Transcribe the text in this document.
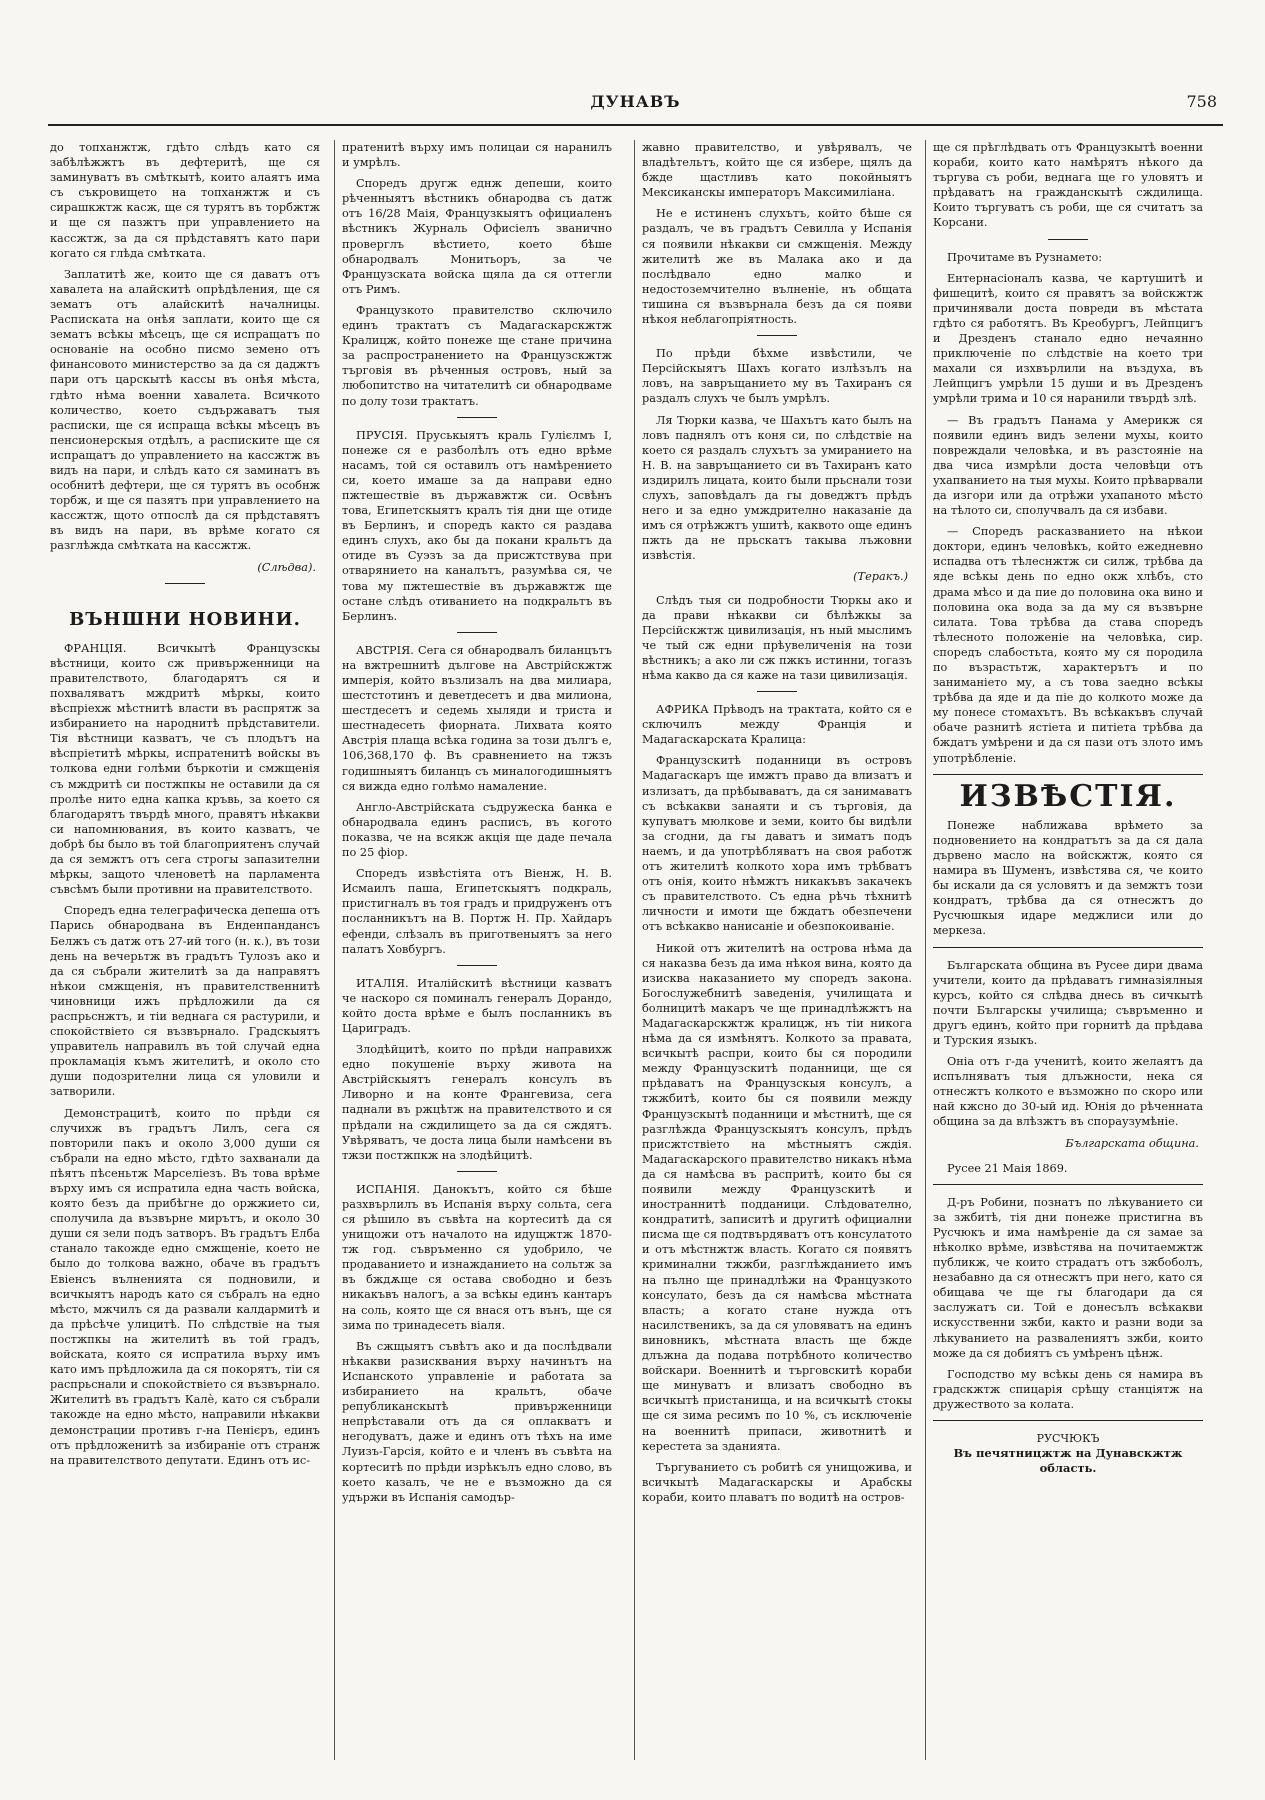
ДУНАВЪ	758

до топханжтж, гдѣто слѣдъ като ся забѣлѣжжтъ въ дефтеритѣ, ще ся заминуватъ въ смѣткытѣ, които алаятъ има съ съкровището на топханжтж и съ сирашкжтж касж, ще ся турятъ въ торбжтж и ще ся пазжтъ при управлението на кассжтж, за да ся прѣдставятъ като пари когато ся глѣда смѣтката.

Заплатитѣ же, които ще ся даватъ отъ хавалета на алайскитѣ опрѣдѣления, ще ся зематъ отъ алайскитѣ началницы. Расписката на онѣя заплати, които ще ся зематъ всѣкы мѣсецъ, ще ся испращатъ по основаніе на особно писмо земено отъ финансовото министерство за да ся даджтъ пари отъ царскытѣ кассы въ онѣя мѣста, гдѣто нѣма военни хавалета. Всичкото количество, което съдържаватъ тыя расписки, ще ся испраща всѣкы мѣсецъ въ пенсионерскыя отдѣлъ, а расписките ще ся испращатъ до управлението на кассжтж въ видъ на пари, и слѣдъ като ся заминатъ въ особнитѣ дефтери, ще ся турятъ въ особнж торбж, и ще ся пазятъ при управлението на кассжтж, щото отпослѣ да ся прѣдставятъ въ видъ на пари, въ врѣме когато ся разглѣжда смѣтката на кассжтж.

(Слѣдва).
ВЪНШНИ НОВИНИ.

ФРАНЦІЯ. Всичкытѣ Французскы вѣстници, които сж привърженници на правителството, благодарятъ ся и похваляватъ мждритѣ мѣркы, които вѣспріехж мѣстнитѣ власти въ распрятж за избиранието на народнитѣ прѣдставители. Тія вѣстници казватъ, че съ плодътъ на вѣспріетитѣ мѣркы, испратенитѣ войскы въ толкова едни голѣми бъркотіи и смжщенія съ мждритѣ си постжпкы не оставили да ся пролѣе нито една капка кръвь, за което ся благодарятъ твърдѣ много, правятъ нѣкакви си напомнювания, въ които казватъ, че добрѣ бы было въ той благоприятенъ случай да ся земжтъ отъ сега строгы запазителни мѣркы, защото членоветѣ на парламента съвсѣмъ были противни на правителството.

Споредъ една телеграфическа депеша отъ Парись обнародвана въ Енденпандансъ Белжъ съ датж отъ 27-ий того (н. к.), въ този день на вечерьтж въ градътъ Тулозъ ако и да ся събрали жителитѣ за да направятъ нѣкои смжщенія, нъ правителственнитѣ чиновници ижъ прѣдложили да ся распрьснжтъ, и тіи веднага ся растурили, и спокойствіето ся възвърнало. Градскыятъ управитель направилъ въ той случай една прокламація къмъ жителитѣ, и около сто души подозрителни лица ся уловили и затворили.

Демонстрацитѣ, които по прѣди ся случихж въ градътъ Лилъ, сега ся повторили пакъ и около 3,000 души ся събрали на едно мѣсто, гдѣто захванали да пѣятъ пѣсеньтж Марселіезъ. Въ това врѣме върху имъ ся испратила една часть войска, която безъ да прибѣгне до оржжието си, сполучила да възвърне мирътъ, и около 30 души ся зели подъ затворъ. Въ градътъ Елба станало такожде едно смжщеніе, което не было до толкова важно, обаче въ градътъ Евіенсъ вълненията ся подновили, и всичкыятъ народъ като ся събралъ на едно мѣсто, мжчилъ ся да развали калдармитѣ и да прѣсѣче улицитѣ. По слѣдствіе на тыя постжпкы на жителитѣ въ той градъ, войската, която ся испратила върху имъ като имъ прѣдложила да ся покорятъ, тіи ся распрьснали и спокойствіето ся възвърнало. Жителитѣ въ градътъ Калѐ, като ся събрали такожде на едно мѣсто, направили нѣкакви демонстрации противъ г-на Пенієръ, единъ отъ прѣдложенитѣ за избираніе отъ странж на правителството депутати. Единъ отъ ис-

пратенитѣ върху имъ полицаи ся наранилъ и умрѣлъ.

Споредъ другж еднж депеши, които рѣченныятъ вѣстникъ обнародва съ датж отъ 16/28 Маія, Французкыятъ официаленъ вѣстникъ Журналь Офисіелъ званично проверглъ вѣстието, което бѣше обнародвалъ Монитьоръ, за че Французската войска щяла да ся оттегли отъ Римъ.

Французкото правителство сключило единъ трактатъ съ Мадагаскарскжтж Кралицж, който понеже ще стане причина за распространението на Французскжтж търговія въ рѣченныя островъ, ный за любопитство на читателитѣ си обнародваме по долу този трактатъ.

ПРУСІЯ. Пруськыятъ краль Гулієлмъ I, понеже ся е разболѣлъ отъ едно врѣме насамъ, той ся оставилъ отъ намѣрението си, което имаше за да направи едно пжтешествіе въ държавжтж си. Освѣнъ това, Египетскыятъ кралъ тія дни ще отиде въ Берлинъ, и споредъ както ся раздава единъ слухъ, ако бы да покани кральтъ да отиде въ Суэзъ за да присжтствува при отварянието на каналътъ, разумѣва ся, че това му пжтешествіе въ държавжтж ще остане слѣдъ отиванието на подкральтъ въ Берлинъ.

АВСТРІЯ. Сега ся обнародвалъ биланцътъ на вжтрешнитѣ дългове на Австрійскжтж имперія, който възлизалъ на два милиара, шестстотинъ и деветдесетъ и два милиона, шестдесетъ и седемь хыляди и триста и шестнадесеть фиорната. Лихвата която Австрія плаща всѣка година за този дългъ е, 106,368,170 ф. Въ сравнението на тжзъ годишныятъ биланцъ съ миналогодишныятъ ся вижда едно голѣмо намаление.

Англо-Австрійската съдружеска банка е обнародвала единъ расписъ, въ когото показва, че на всякж акція ще даде печала по 25 фіор.

Споредъ извѣстіята отъ Віенж, Н. В. Исмаилъ паша, Египетскыятъ подкраль, пристигналъ въ тоя градъ и придруженъ отъ посланникътъ на В. Портж Н. Пр. Хайдаръ ефенди, слѣзалъ въ приготвеныятъ за него палатъ Ховбургъ.

ИТАЛІЯ. Италійскитѣ вѣстници казватъ че наскоро ся поминалъ генералъ Дорандо, който доста врѣме е былъ посланникъ въ Цариградъ.

Злодѣйцитѣ, които по прѣди направихж едно покушеніе върху живота на Австрійскыятъ генералъ консулъ въ Ливорно и на конте Франгевиза, сега паднали въ ржцѣтж на правителството и ся прѣдали на сждилището за да ся сждятъ. Увѣряватъ, че доста лица были намѣсени въ тжзи постжпкж на злодѣйцитѣ.

ИСПАНІЯ. Данокътъ, който ся бѣше разхвърлилъ въ Испанія върху сольта, сега ся рѣшило въ съвѣта на кортеситѣ да ся унищожи отъ началото на идущжтж 1870-тж год. съвръменно ся удобрило, че продаванието и изнажданието на сольтж за въ бждѫще ся остава свободно и безъ никакъвъ налогъ, а за всѣкы единъ кантаръ на соль, която ще ся внася отъ вънъ, ще ся зима по тринадесеть віаля.

Въ сжщыятъ съвѣтъ ако и да послѣдвали нѣкакви разисквания върху начинътъ на Испанското управленіе и работата за избиранието на кральтъ, обаче републиканскытѣ привърженници непрѣставали отъ да ся оплакватъ и негодуватъ, даже и единъ отъ тѣхъ на име Луизъ-Гарсія, който е и членъ въ съвѣта на кортеситѣ по прѣди изрѣкълъ едно слово, въ което казалъ, че не е възможно да ся удържи въ Испанія самодър-

жавно правителство, и увѣрявалъ, че владѣтельтъ, който ще ся избере, щялъ да бжде щастливъ като покойныятъ Мексиканскы императоръ Максимиліана.

Не е истиненъ слухътъ, който бѣше ся раздалъ, че въ градътъ Севилла у Испанія ся появили нѣкакви си смжщенія. Между жителитѣ же въ Малака ако и да послѣдвало едно малко и недостоземчително вълненіе, нъ общата тишина ся възвърнала безъ да ся появи нѣкоя неблагопріятность.

По прѣди бѣхме извѣстили, че Персійскыятъ Шахъ когато излѣзълъ на ловъ, на завръщанието му въ Тахиранъ ся раздалъ слухъ че былъ умрѣлъ.

Ля Тюрки казва, че Шахътъ като былъ на ловъ паднялъ отъ коня си, по слѣдствіе на което ся раздалъ слухътъ за умиранието на Н. В. на завръщанието си въ Тахиранъ като издирилъ лицата, които были прьснали този слухъ, заповѣдалъ да гы доведжтъ прѣдъ него и за едно умждрително наказаніе да имъ ся отрѣжжтъ ушитѣ, каквото още единъ пжть да не прьскатъ такыва лъжовни извѣстія.

(Теракъ.)

Слѣдъ тыя си подробности Тюркы ако и да прави нѣкакви си бѣлѣжкы за Персійскжтж цивилизація, нъ ный мыслимъ че тый сж едни прѣувеличенія на този вѣстникъ; а ако ли сж пжкъ истинни, тогазъ нѣма какво да ся каже на тази цивилизація.

АФРИКА Прѣводъ на трактата, който ся е сключилъ между Франція и Мадагаскарската Кралица:

Французскитѣ поданници въ островъ Мадагаскаръ ще имжтъ право да влизатъ и излизатъ, да прѣбываватъ, да ся занимаватъ съ всѣкакви занаяти и съ търговія, да купуватъ мюлкове и земи, които бы видѣли за сгодни, да гы даватъ и зиматъ подъ наемъ, и да употрѣбляватъ на своя работж отъ жителитѣ колкото хора имъ трѣбватъ отъ онія, които нѣмжтъ никакъвъ закачекъ съ правителството. Съ една рѣчь тѣхнитѣ личности и имоти ще бждатъ обезпечени отъ всѣкакво нанисаніе и обезпокоиваніе.

Никой отъ жителитѣ на острова нѣма да ся наказва безъ да има нѣкоя вина, която да изисква наказанието му споредъ закона. Богослужебнитѣ заведенія, училищата и болницитѣ макаръ че ще принадлѣжжтъ на Мадагаскарскжтж кралицж, нъ тіи никога нѣма да ся измѣнятъ. Колкото за правата, всичкытѣ распри, които бы ся породили между Французскитѣ поданници, ще ся прѣдаватъ на Французскыя консулъ, а тжжбитѣ, които бы ся появили между Французскытѣ поданници и мѣстнитѣ, ще ся разглѣжда Французскыятъ консулъ, прѣдъ присжтствіето на мѣстныятъ сждія. Мадагаскарского правителство никакъ нѣма да ся намѣсва въ распритѣ, които бы ся появили между Французскитѣ и иностраннитѣ подданици. Слѣдователно, кондратитѣ, записитѣ и другитѣ официални писма ще ся подтвърдяватъ отъ консулатото и отъ мѣстнжтж власть. Когато ся появятъ криминални тжжби, разглѣжданието имъ на пълно ще принадлѣжи на Французкото консулато, безъ да ся намѣсва мѣстната власть; а когато стане нужда отъ насилственикъ, за да ся уловяватъ на единъ виновникъ, мѣстната власть ще бжде длъжна да подава потрѣбното количество войскари. Военнитѣ и търговскитѣ кораби ще минуватъ и влизатъ свободно въ всичкытѣ пристанища, и на всичкытѣ стокы ще ся зима ресимъ по 10 %, съ исключеніе на военнитѣ припаси, животнитѣ и керестета за зданията.

Търгуванието съ робитѣ ся унищожива, и всичкытѣ Мадагаскарскы и Арабскы кораби, които плаватъ по водитѣ на остров-

ще ся прѣглѣдвать отъ Французкытѣ военни кораби, които като намѣрятъ нѣкого да търгува съ роби, веднага ще го уловятъ и прѣдаватъ на гражданскытѣ сждилища. Които търгуватъ съ роби, ще ся считатъ за Корсани.

Прочитаме въ Рузнамето:

Ентернасіоналъ казва, че картушитѣ и фишецитѣ, които ся правятъ за войскжтж причинявали доста повреди въ мѣстата гдѣто ся работятъ. Въ Креобургъ, Лейпцигъ и Дрезденъ станало едно нечаянно приключеніе по слѣдствіе на което три махали ся изхвърлили на въздуха, въ Лейпцигъ умрѣли 15 души и въ Дрезденъ умрѣли трима и 10 ся наранили твърдѣ злѣ.

— Въ градътъ Панама у Америкж ся появили единъ видъ зелени мухы, които повреждали человѣка, и въ разстояніе на два чиса измрѣли доста человѣци отъ ухапванието на тыя мухы. Които прѣварвали да изгори или да отрѣжи ухапаното мѣсто на тѣлото си, сполучвалъ да ся избави.

— Споредъ расказванието на нѣкои доктори, единъ человѣкъ, който ежедневно испадва отъ тѣлеснжтж си силж, трѣбва да яде всѣкы день по едно окж хлѣбъ, сто драма мѣсо и да пие до половина ока вино и половина ока вода за да му ся възвърне силата. Това трѣбва да става споредъ тѣлесното положеніе на человѣка, сир. споредъ слабостьта, която му ся породила по възрастьтж, характерътъ и по заниманіето му, а съ това заедно всѣкы трѣбва да яде и да піе до колкото може да му понесе стомахътъ. Въ всѣкакъвъ случай обаче разнитѣ ястіета и питіета трѣбва да бждатъ умѣрени и да ся пази отъ злото имъ употрѣбленіе.

ИЗВѢСТІЯ.

Понеже наближава врѣмето за подновението на кондратътъ за да ся дала дървено масло на войскжтж, която ся намира въ Шуменъ, извѣстява ся, че които бы искали да ся условятъ и да земжтъ този кондратъ, трѣбва да ся отнесжтъ до Русчюшкыя идаре меджлиси или до меркеза.

Българската община въ Русее дири двама учители, които да прѣдаватъ гимназіялныя курсъ, който ся слѣдва днесь въ сичкытѣ почти Българскы училища; съвръменно и другъ единъ, който при горнитѣ да прѣдава и Турския языкъ.

Оніа отъ г-да ученитѣ, които желаятъ да испълняватъ тыя длъжности, нека ся отнесжтъ колкото е възможно по скоро или най кжсно до 30-ый ид. Юнія до рѣченната община за да влѣзжтъ въ спораузумѣніе.

Българската община.
Русее 21 Маія 1869.

Д-ръ Робини, познатъ по лѣкуванието си за зжбитѣ, тія дни понеже пристигна въ Русчюкъ и има намѣреніе да ся замае за нѣколко врѣме, извѣстява на почитаемжтж публикж, че които страдатъ отъ зжбоболъ, незабавно да ся отнесжтъ при него, като ся обищава че ще гы благодари да ся заслужатъ си. Той е донесълъ всѣкакви искусственни зжби, както и разни води за лѣкуванието на развалениятъ зжби, които може да ся добиятъ съ умѣренъ цѣнж.

Господство му всѣкы день ся намира въ градскжтж спицарія срѣщу станціятж на дружеството за колата.

РУСЧЮКЪ
Въ печятницжтж на Дунавскжтж область.
